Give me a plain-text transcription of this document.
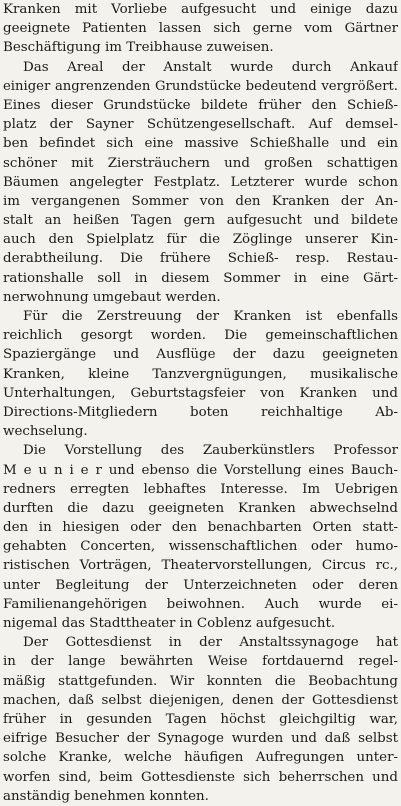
Kranken mit Vorliebe aufgesucht und einige dazu
geeignete Patienten lassen sich gerne vom Gärtner
Beschäftigung im Treibhause zuweisen.
Das Areal der Anstalt wurde durch Ankauf
einiger angrenzenden Grundstücke bedeutend vergrößert.
Eines dieser Grundstücke bildete früher den Schieß-
platz der Sayner Schützengesellschaft. Auf demsel-
ben befindet sich eine massive Schießhalle und ein
schöner mit Ziersträuchern und großen schattigen
Bäumen angelegter Festplatz. Letzterer wurde schon
im vergangenen Sommer von den Kranken der An-
stalt an heißen Tagen gern aufgesucht und bildete
auch den Spielplatz für die Zöglinge unserer Kin-
derabtheilung. Die frühere Schieß- resp. Restau-
rationshalle soll in diesem Sommer in eine Gärt-
nerwohnung umgebaut werden.
Für die Zerstreuung der Kranken ist ebenfalls
reichlich gesorgt worden. Die gemeinschaftlichen
Spaziergänge und Ausflüge der dazu geeigneten
Kranken, kleine Tanzvergnügungen, musikalische
Unterhaltungen, Geburtstagsfeier von Kranken und
Directions-Mitgliedern boten reichhaltige Ab-
wechselung.
Die Vorstellung des Zauberkünstlers Professor
M e u n i e r und ebenso die Vorstellung eines Bauch-
redners erregten lebhaftes Interesse. Im Uebrigen
durften die dazu geeigneten Kranken abwechselnd
den in hiesigen oder den benachbarten Orten statt-
gehabten Concerten, wissenschaftlichen oder humo-
ristischen Vorträgen, Theatervorstellungen, Circus rc.,
unter Begleitung der Unterzeichneten oder deren
Familienangehörigen beiwohnen. Auch wurde ei-
nigemal das Stadttheater in Coblenz aufgesucht.
Der Gottesdienst in der Anstaltssynagoge hat
in der lange bewährten Weise fortdauernd regel-
mäßig stattgefunden. Wir konnten die Beobachtung
machen, daß selbst diejenigen, denen der Gottesdienst
früher in gesunden Tagen höchst gleichgiltig war,
eifrige Besucher der Synagoge wurden und daß selbst
solche Kranke, welche häufigen Aufregungen unter-
worfen sind, beim Gottesdienste sich beherrschen und
anständig benehmen konnten.
